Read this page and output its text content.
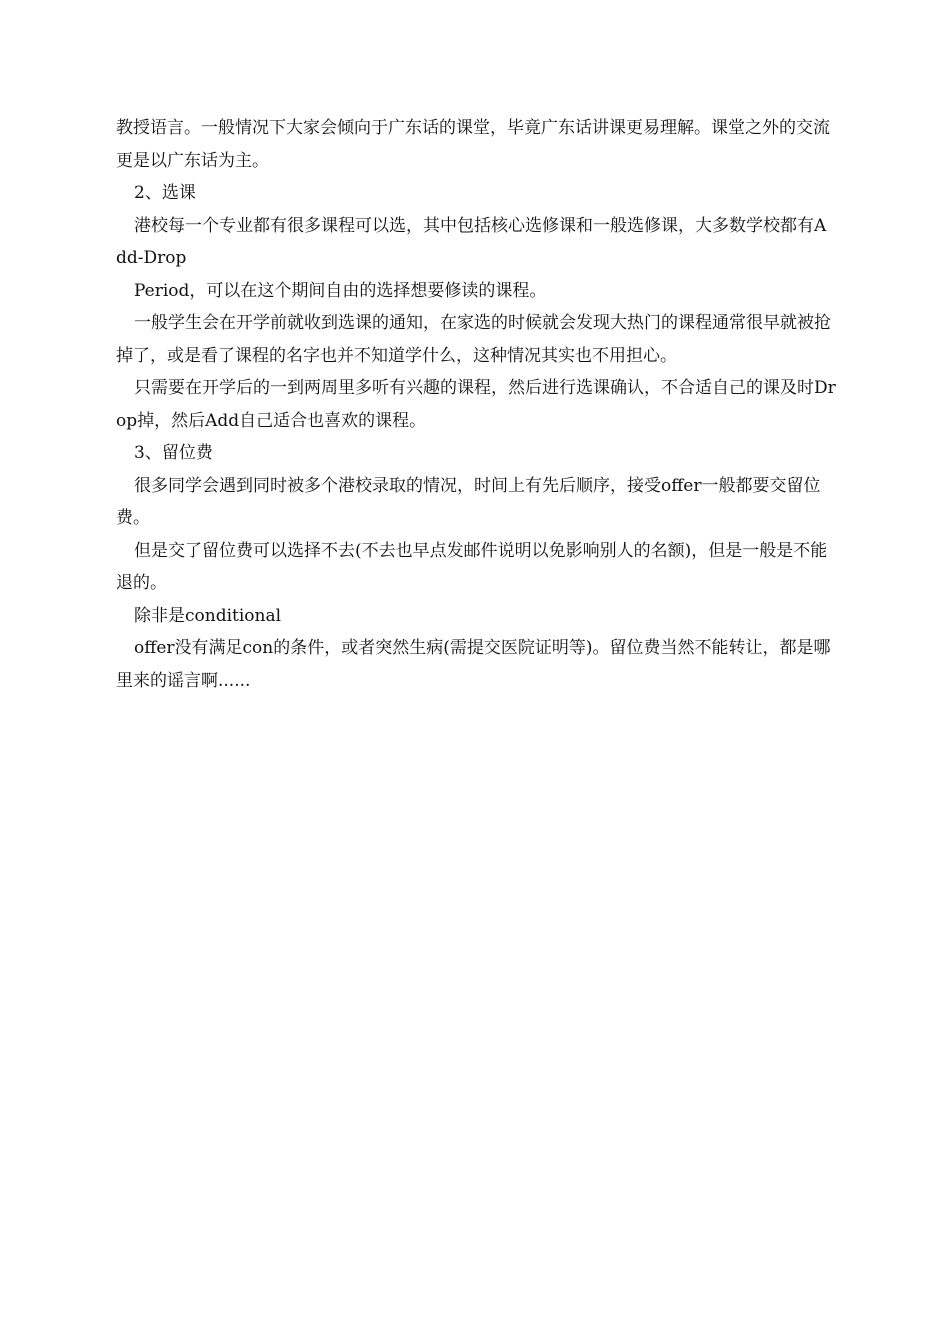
教授语言。一般情况下大家会倾向于广东话的课堂，毕竟广东话讲课更易理解。课堂之外的交流更是以广东话为主。

2、选课

港校每一个专业都有很多课程可以选，其中包括核心选修课和一般选修课，大多数学校都有Add-Drop

Period，可以在这个期间自由的选择想要修读的课程。

一般学生会在开学前就收到选课的通知，在家选的时候就会发现大热门的课程通常很早就被抢掉了，或是看了课程的名字也并不知道学什么，这种情况其实也不用担心。

只需要在开学后的一到两周里多听有兴趣的课程，然后进行选课确认，不合适自己的课及时Drop掉，然后Add自己适合也喜欢的课程。

3、留位费

很多同学会遇到同时被多个港校录取的情况，时间上有先后顺序，接受offer一般都要交留位费。

但是交了留位费可以选择不去(不去也早点发邮件说明以免影响别人的名额)，但是一般是不能退的。

除非是conditional

offer没有满足con的条件，或者突然生病(需提交医院证明等)。留位费当然不能转让，都是哪里来的谣言啊......
